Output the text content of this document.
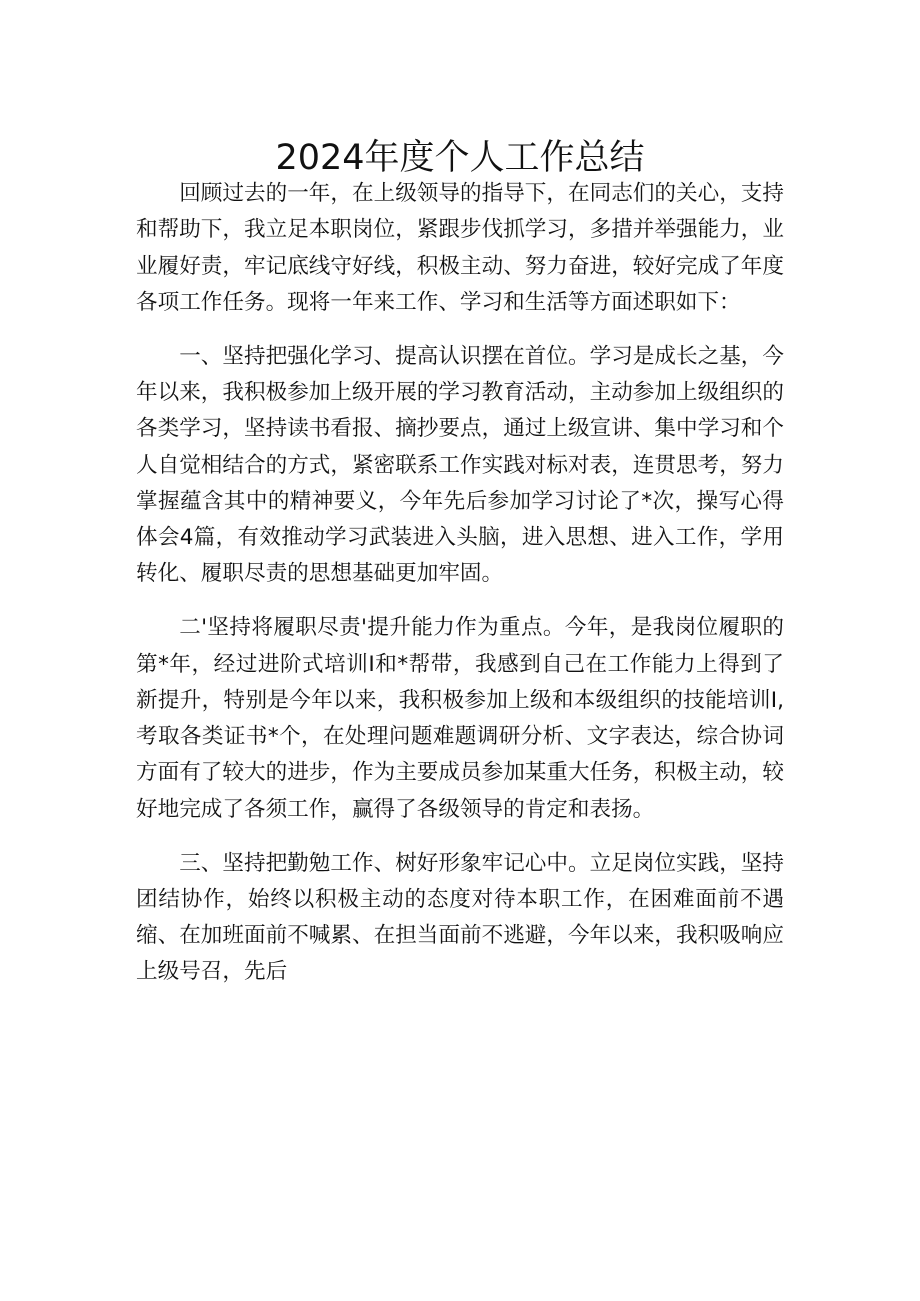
2024年度个人工作总结

回顾过去的一年，在上级领导的指导下，在同志们的关心，支持和帮助下，我立足本职岗位，紧跟步伐抓学习，多措并举强能力，业业履好责，牢记底线守好线，积极主动、努力奋进，较好完成了年度各项工作任务。现将一年来工作、学习和生活等方面述职如下：

一、坚持把强化学习、提高认识摆在首位。学习是成长之基，今年以来，我积极参加上级开展的学习教育活动，主动参加上级组织的各类学习，坚持读书看报、摘抄要点，通过上级宣讲、集中学习和个人自觉相结合的方式，紧密联系工作实践对标对表，连贯思考，努力掌握蕴含其中的精神要义，今年先后参加学习讨论了*次，操写心得体会4篇，有效推动学习武装进入头脑，进入思想、进入工作，学用转化、履职尽责的思想基础更加牢固。

二'坚持将履职尽责'提升能力作为重点。今年，是我岗位履职的第*年，经过进阶式培训I和*帮带，我感到自己在工作能力上得到了新提升，特别是今年以来，我积极参加上级和本级组织的技能培训I,考取各类证书*个，在处理问题难题调研分析、文字表达，综合协词方面有了较大的进步，作为主要成员参加某重大任务，积极主动，较好地完成了各须工作，赢得了各级领导的肯定和表扬。

三、坚持把勤勉工作、树好形象牢记心中。立足岗位实践，坚持团结协作，始终以积极主动的态度对待本职工作，在困难面前不遇缩、在加班面前不喊累、在担当面前不逃避，今年以来，我积吸响应上级号召，先后
